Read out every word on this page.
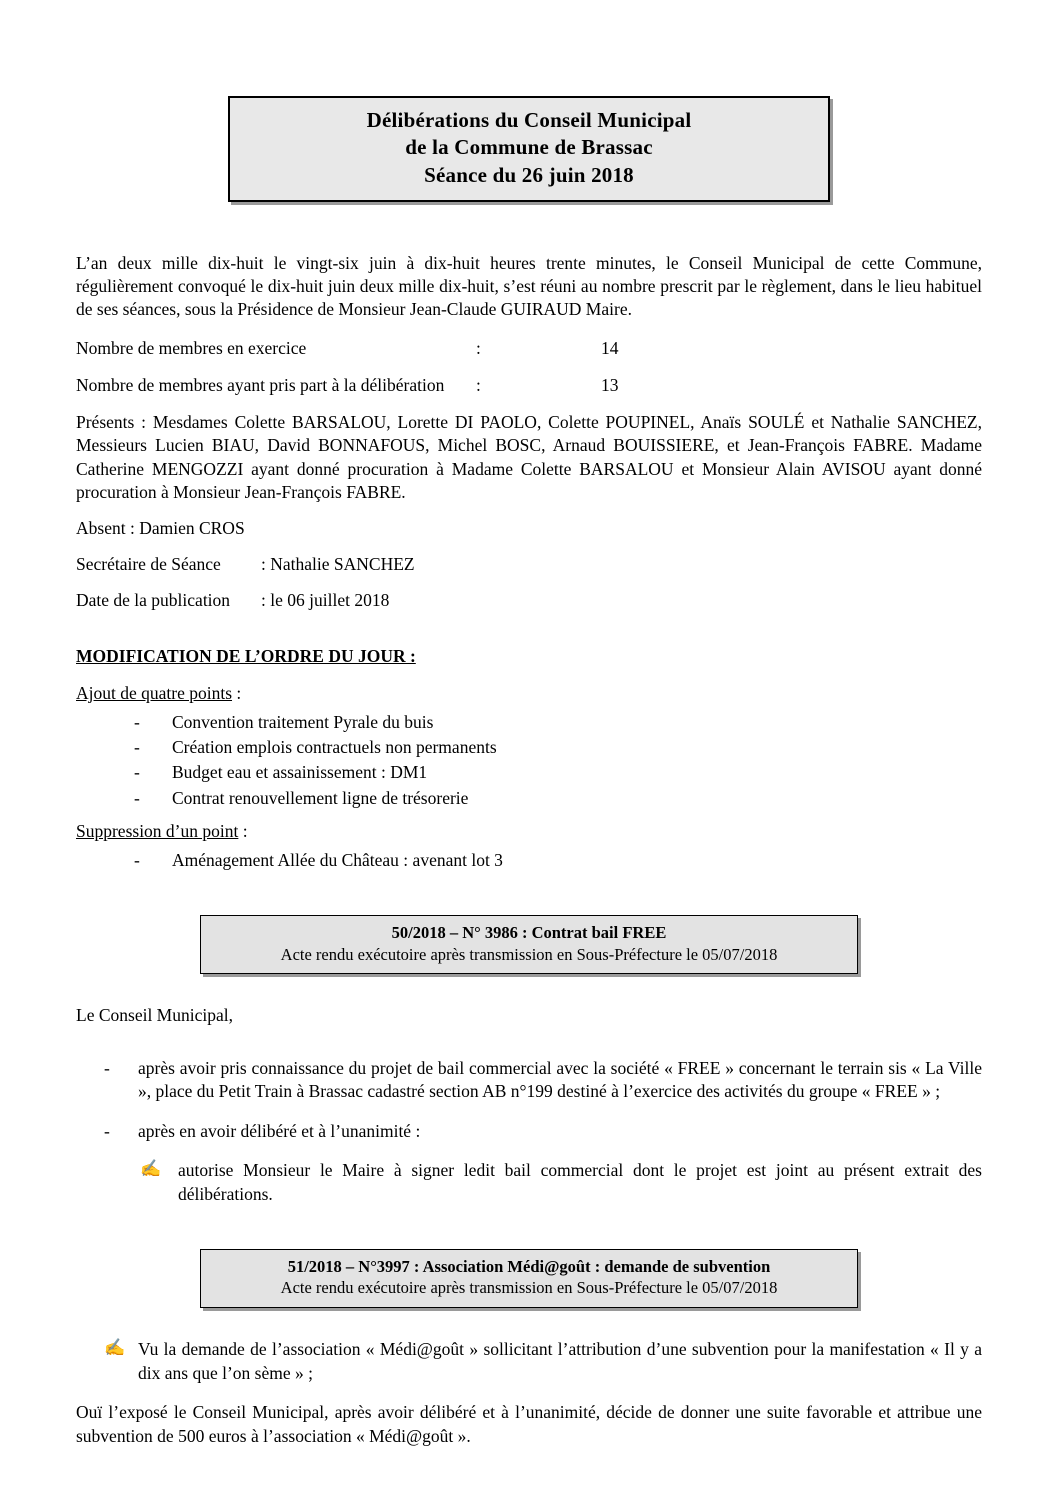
Délibérations du Conseil Municipal
de la Commune de Brassac
Séance du 26 juin 2018
L’an deux mille dix-huit le vingt-six juin à dix-huit heures trente minutes, le Conseil Municipal de cette Commune, régulièrement convoqué le dix-huit juin deux mille dix-huit, s’est réuni au nombre prescrit par le règlement, dans le lieu habituel de ses séances, sous la Présidence de Monsieur Jean-Claude GUIRAUD Maire.
Nombre de membres en exercice	:	14
Nombre de membres ayant pris part à la délibération	:	13

Présents : Mesdames Colette BARSALOU, Lorette DI PAOLO, Colette POUPINEL, Anaïs SOULÉ et Nathalie SANCHEZ, Messieurs Lucien BIAU, David BONNAFOUS, Michel BOSC, Arnaud BOUISSIERE, et Jean-François FABRE. Madame Catherine MENGOZZI ayant donné procuration à Madame Colette BARSALOU et Monsieur Alain AVISOU ayant donné procuration à Monsieur Jean-François FABRE.

Absent : Damien CROS

Secrétaire de Séance	: Nathalie SANCHEZ
Date de la publication	: le 06 juillet 2018
MODIFICATION DE L’ORDRE DU JOUR :

Ajout de quatre points :

- Convention traitement Pyrale du buis
- Création emplois contractuels non permanents
- Budget eau et assainissement : DM1
- Contrat renouvellement ligne de trésorerie

Suppression d’un point :

- Aménagement Allée du Château : avenant lot 3
50/2018 – N° 3986 : Contrat bail FREE
Acte rendu exécutoire après transmission en Sous-Préfecture le 05/07/2018

Le Conseil Municipal,

- après avoir pris connaissance du projet de bail commercial avec la société « FREE » concernant le terrain sis « La Ville », place du Petit Train à Brassac cadastré section AB n°199 destiné à l’exercice des activités du groupe « FREE » ;
- après en avoir délibéré et à l’unanimité :
✍ autorise Monsieur le Maire à signer ledit bail commercial dont le projet est joint au présent extrait des délibérations.
51/2018 – N°3997 : Association Médi@goût : demande de subvention
Acte rendu exécutoire après transmission en Sous-Préfecture le 05/07/2018
✍ Vu la demande de l’association « Médi@goût » sollicitant l’attribution d’une subvention pour la manifestation « Il y a dix ans que l’on sème » ;

Ouï l’exposé le Conseil Municipal, après avoir délibéré et à l’unanimité, décide de donner une suite favorable et attribue une subvention de 500 euros à l’association « Médi@goût ».
